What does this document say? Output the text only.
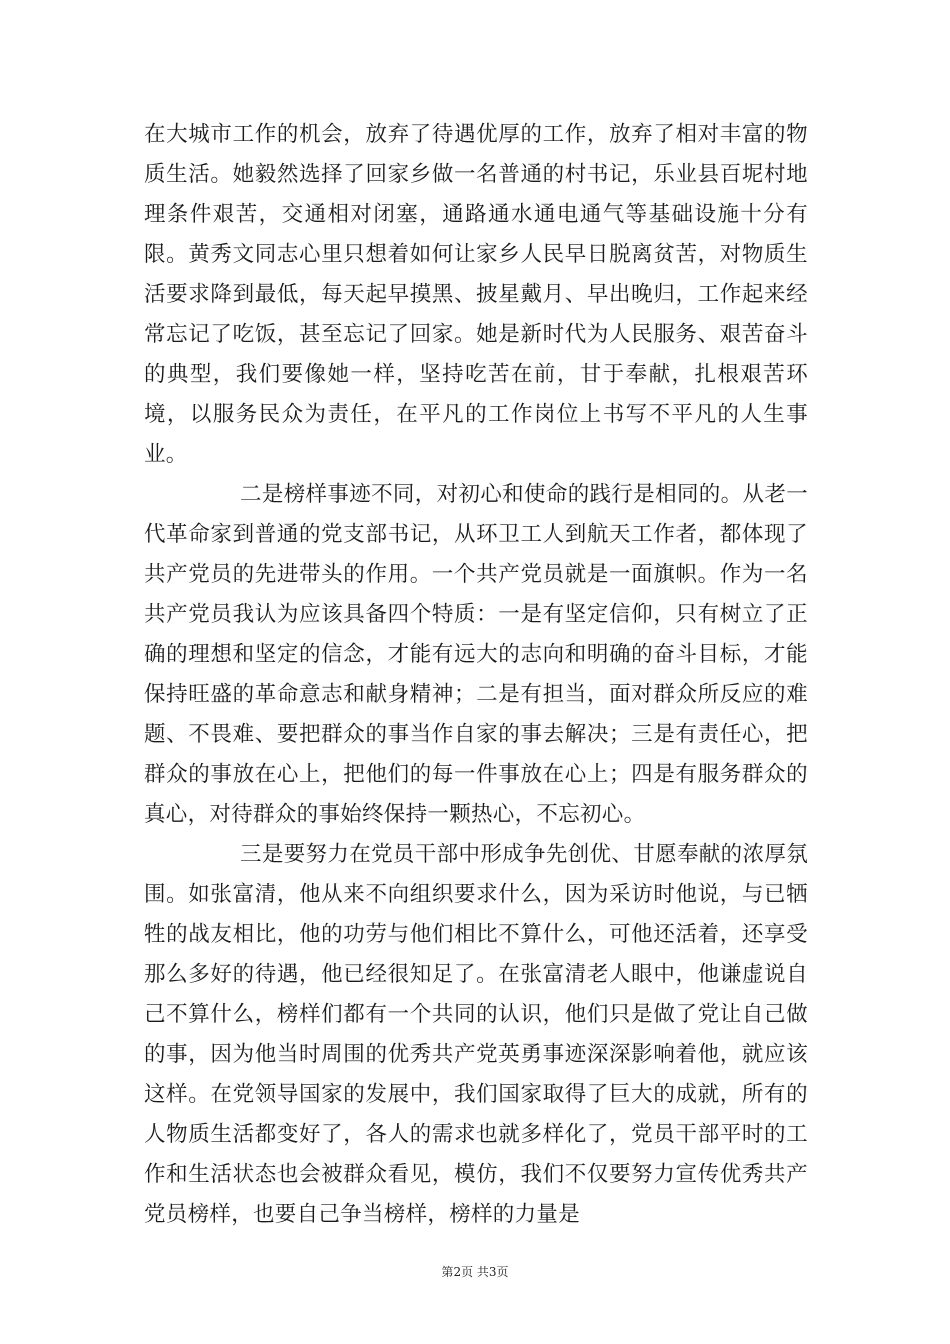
在大城市工作的机会，放弃了待遇优厚的工作，放弃了相对丰富的物质生活。她毅然选择了回家乡做一名普通的村书记，乐业县百坭村地理条件艰苦，交通相对闭塞，通路通水通电通气等基础设施十分有限。黄秀文同志心里只想着如何让家乡人民早日脱离贫苦，对物质生活要求降到最低，每天起早摸黑、披星戴月、早出晚归，工作起来经常忘记了吃饭，甚至忘记了回家。她是新时代为人民服务、艰苦奋斗的典型，我们要像她一样，坚持吃苦在前，甘于奉献，扎根艰苦环境，以服务民众为责任，在平凡的工作岗位上书写不平凡的人生事业。

二是榜样事迹不同，对初心和使命的践行是相同的。从老一代革命家到普通的党支部书记，从环卫工人到航天工作者，都体现了共产党员的先进带头的作用。一个共产党员就是一面旗帜。作为一名共产党员我认为应该具备四个特质：一是有坚定信仰，只有树立了正确的理想和坚定的信念，才能有远大的志向和明确的奋斗目标，才能保持旺盛的革命意志和献身精神；二是有担当，面对群众所反应的难题、不畏难、要把群众的事当作自家的事去解决；三是有责任心，把群众的事放在心上，把他们的每一件事放在心上；四是有服务群众的真心，对待群众的事始终保持一颗热心，不忘初心。

三是要努力在党员干部中形成争先创优、甘愿奉献的浓厚氛围。如张富清，他从来不向组织要求什么，因为采访时他说，与已牺牲的战友相比，他的功劳与他们相比不算什么，可他还活着，还享受那么多好的待遇，他已经很知足了。在张富清老人眼中，他谦虚说自己不算什么，榜样们都有一个共同的认识，他们只是做了党让自己做的事，因为他当时周围的优秀共产党英勇事迹深深影响着他，就应该这样。在党领导国家的发展中，我们国家取得了巨大的成就，所有的人物质生活都变好了，各人的需求也就多样化了，党员干部平时的工作和生活状态也会被群众看见，模仿，我们不仅要努力宣传优秀共产党员榜样，也要自己争当榜样，榜样的力量是

第2页 共3页
